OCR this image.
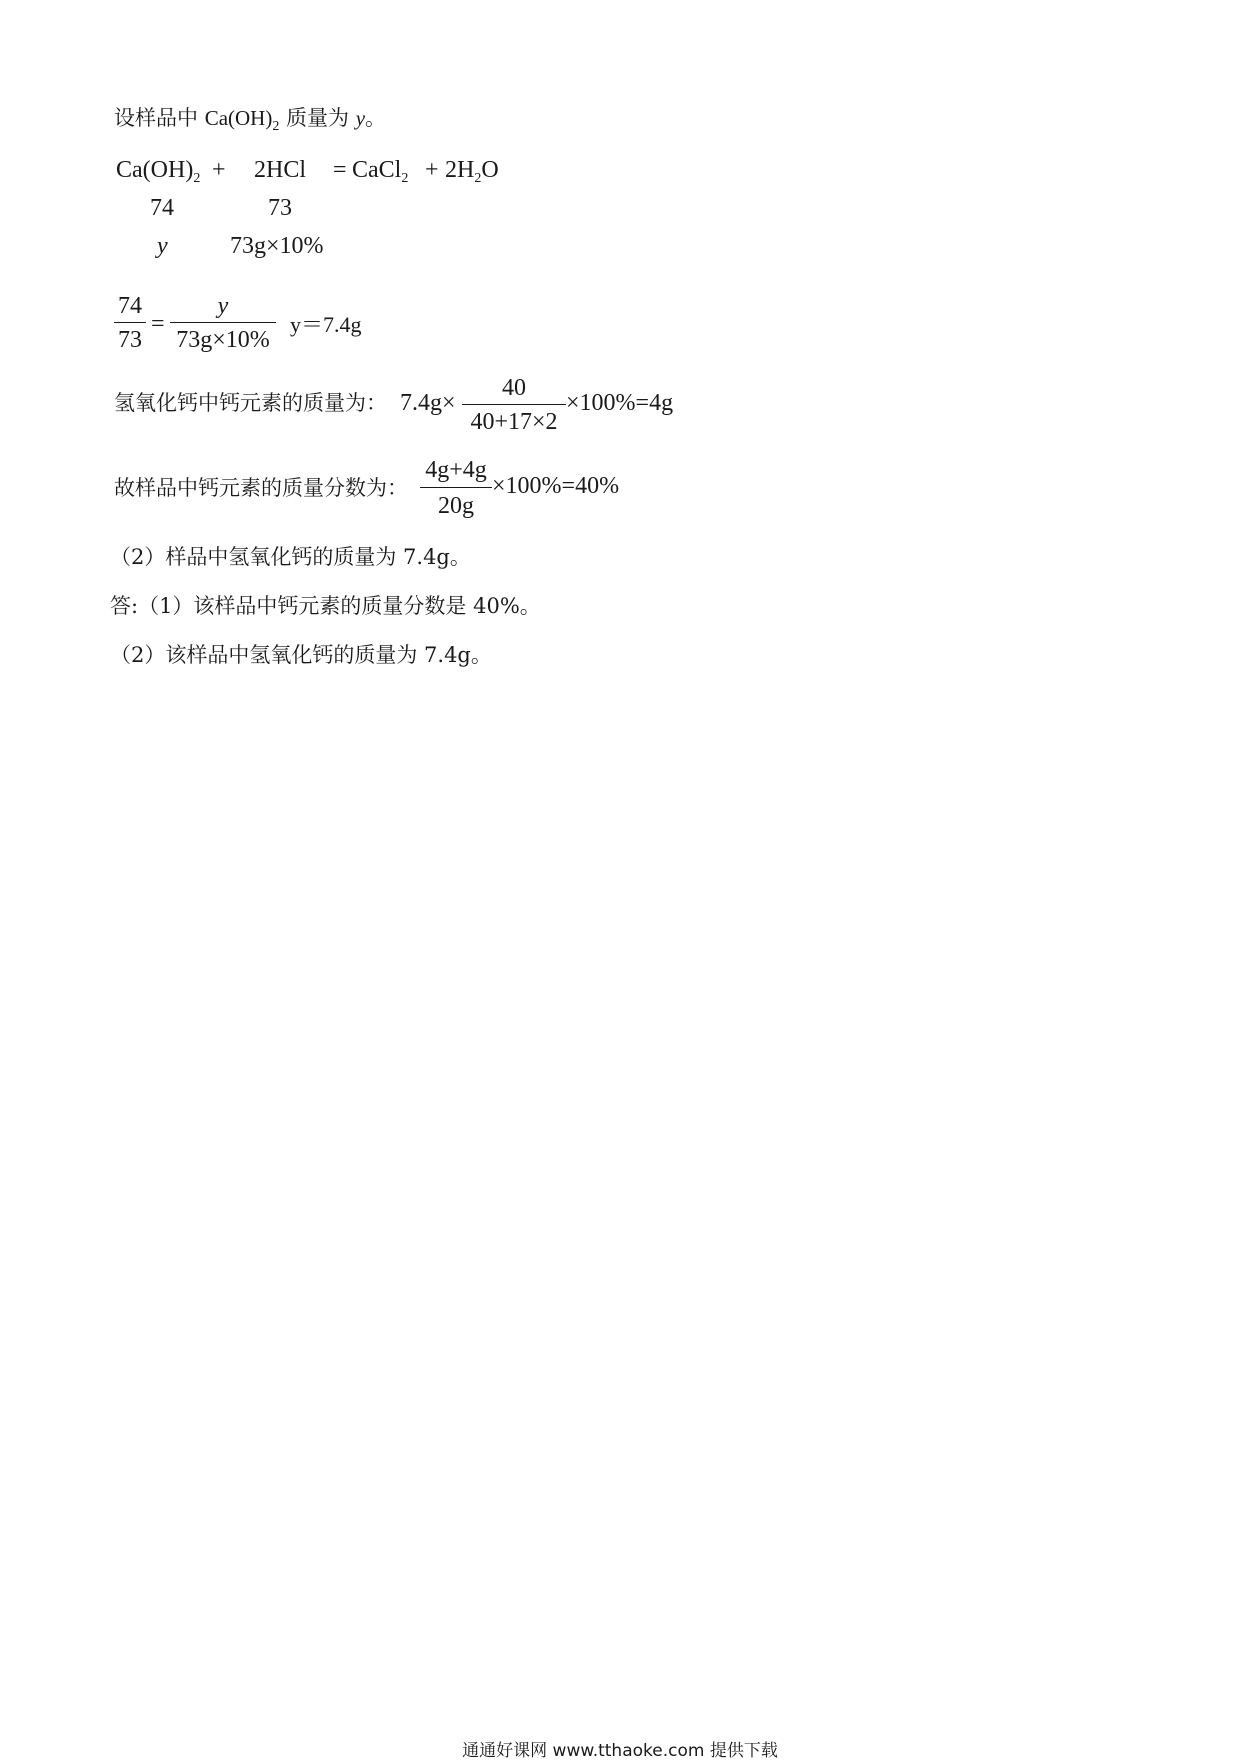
设样品中 $Ca(OH)_2$ 质量为 y。
$Ca(OH)_2 + 2HCl$ = CaCl$_2$ + $2H_2O$
74	73
y	73g×10%
74
73
=
y
73g×10%
y＝7.4g
氢氧化钙中钙元素的质量为： 7.4g×
40
40+17×2
×100%=4g
故样品中钙元素的质量分数为：
4g+4g
20g
×100%=40%
（2）样品中氢氧化钙的质量为 7.4g。
答:（1）该样品中钙元素的质量分数是 40%。
（2）该样品中氢氧化钙的质量为 7.4g。
通通好课网 www.tthaoke.com 提供下载
